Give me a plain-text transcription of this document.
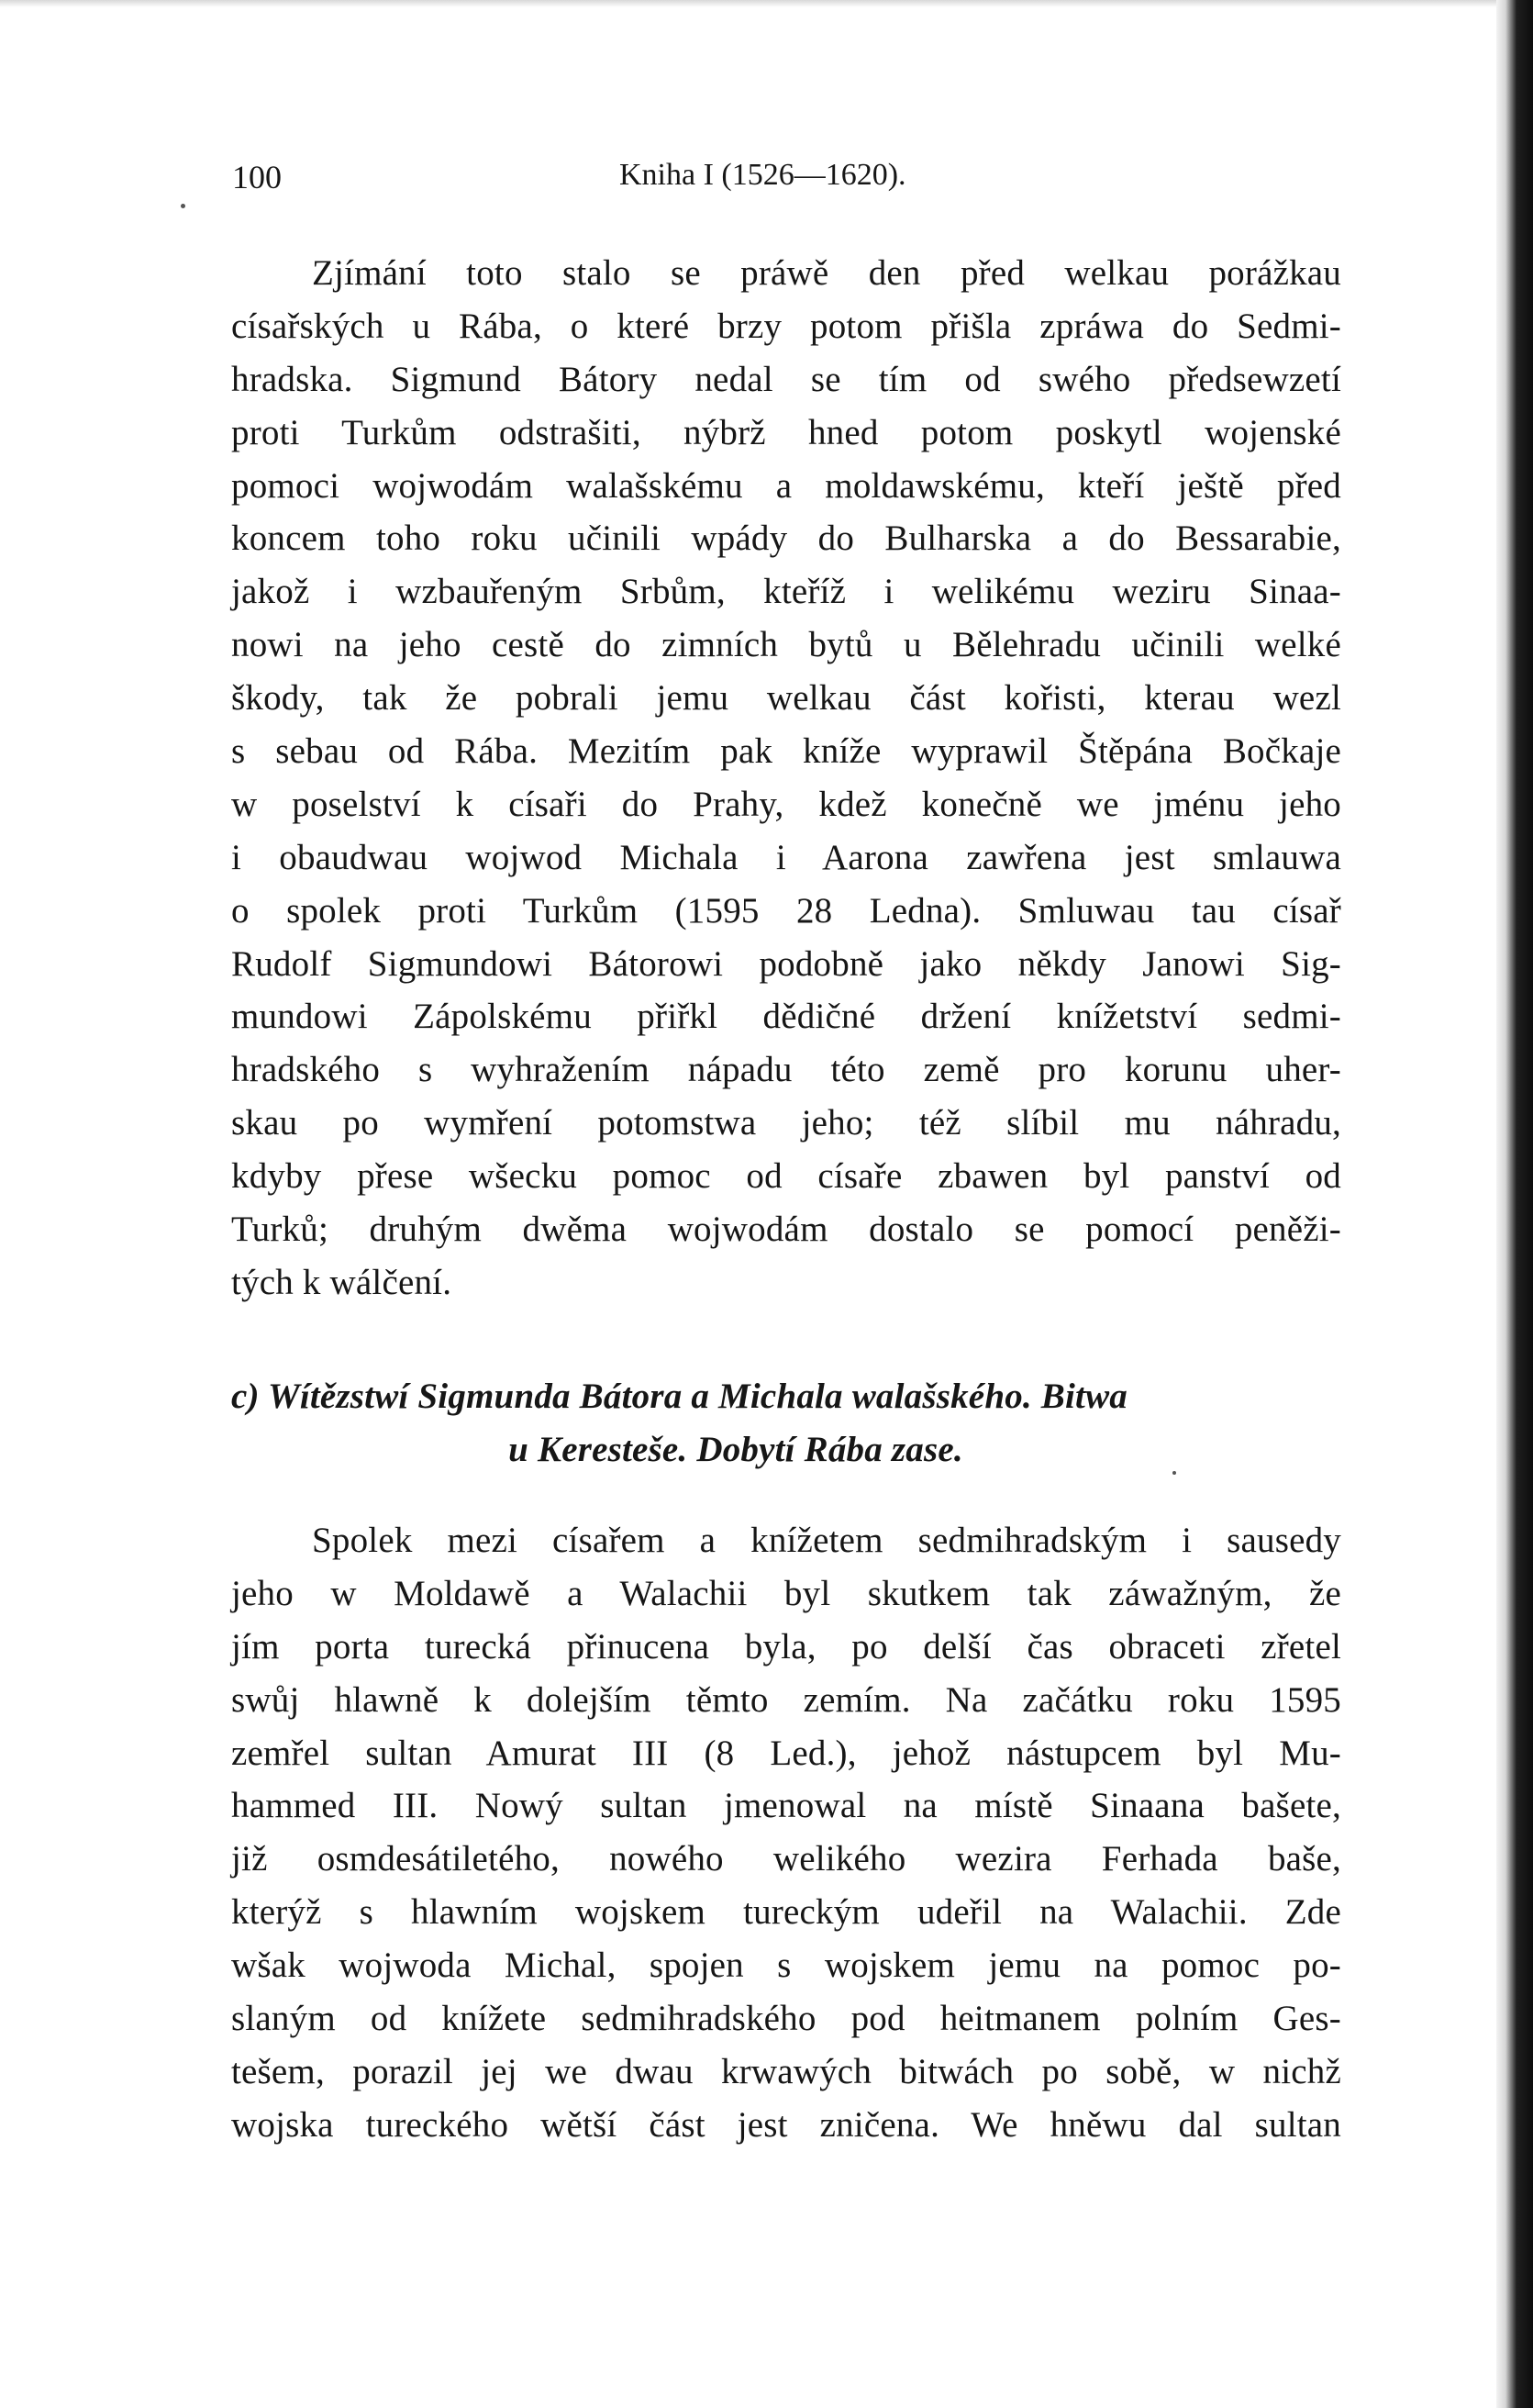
100	Kniha I (1526—1620).
Zjímání toto stalo se práwě den před welkau porážkau
císařských u Rába, o které brzy potom přišla zpráwa do Sedmi-
hradska. Sigmund Bátory nedal se tím od swého předsewzetí
proti Turkům odstrašiti, nýbrž hned potom poskytl wojenské
pomoci wojwodám walašskému a moldawskému, kteří ještě před
koncem toho roku učinili wpády do Bulharska a do Bessarabie,
jakož i wzbauřeným Srbům, kteříž i welikému weziru Sinaa-
nowi na jeho cestě do zimních bytů u Bělehradu učinili welké
škody, tak že pobrali jemu welkau část kořisti, kterau wezl
s sebau od Rába. Mezitím pak kníže wyprawil Štěpána Bočkaje
w poselství k císaři do Prahy, kdež konečně we jménu jeho
i obaudwau wojwod Michala i Aarona zawřena jest smlauwa
o spolek proti Turkům (1595 28 Ledna). Smluwau tau císař
Rudolf Sigmundowi Bátorowi podobně jako někdy Janowi Sig-
mundowi Zápolskému přiřkl dědičné držení knížetství sedmi-
hradského s wyhražením nápadu této země pro korunu uher-
skau po wymření potomstwa jeho; též slíbil mu náhradu,
kdyby přese wšecku pomoc od císaře zbawen byl panství od
Turků; druhým dwěma wojwodám dostalo se pomocí peněži-
tých k wálčení.
c) Wítězstwí Sigmunda Bátora a Michala walašského. Bitwa
u Keresteše. Dobytí Rába zase.
Spolek mezi císařem a knížetem sedmihradským i sausedy
jeho w Moldawě a Walachii byl skutkem tak záwažným, že
jím porta turecká přinucena byla, po delší čas obraceti zřetel
swůj hlawně k dolejším těmto zemím. Na začátku roku 1595
zemřel sultan Amurat III (8 Led.), jehož nástupcem byl Mu-
hammed III. Nowý sultan jmenowal na místě Sinaana bašete,
již osmdesátiletého, nowého welikého wezira Ferhada baše,
kterýž s hlawním wojskem tureckým udeřil na Walachii. Zde
wšak wojwoda Michal, spojen s wojskem jemu na pomoc po-
slaným od knížete sedmihradského pod heitmanem polním Ges-
tešem, porazil jej we dwau krwawých bitwách po sobě, w nichž
wojska tureckého wětší část jest zničena. We hněwu dal sultan
